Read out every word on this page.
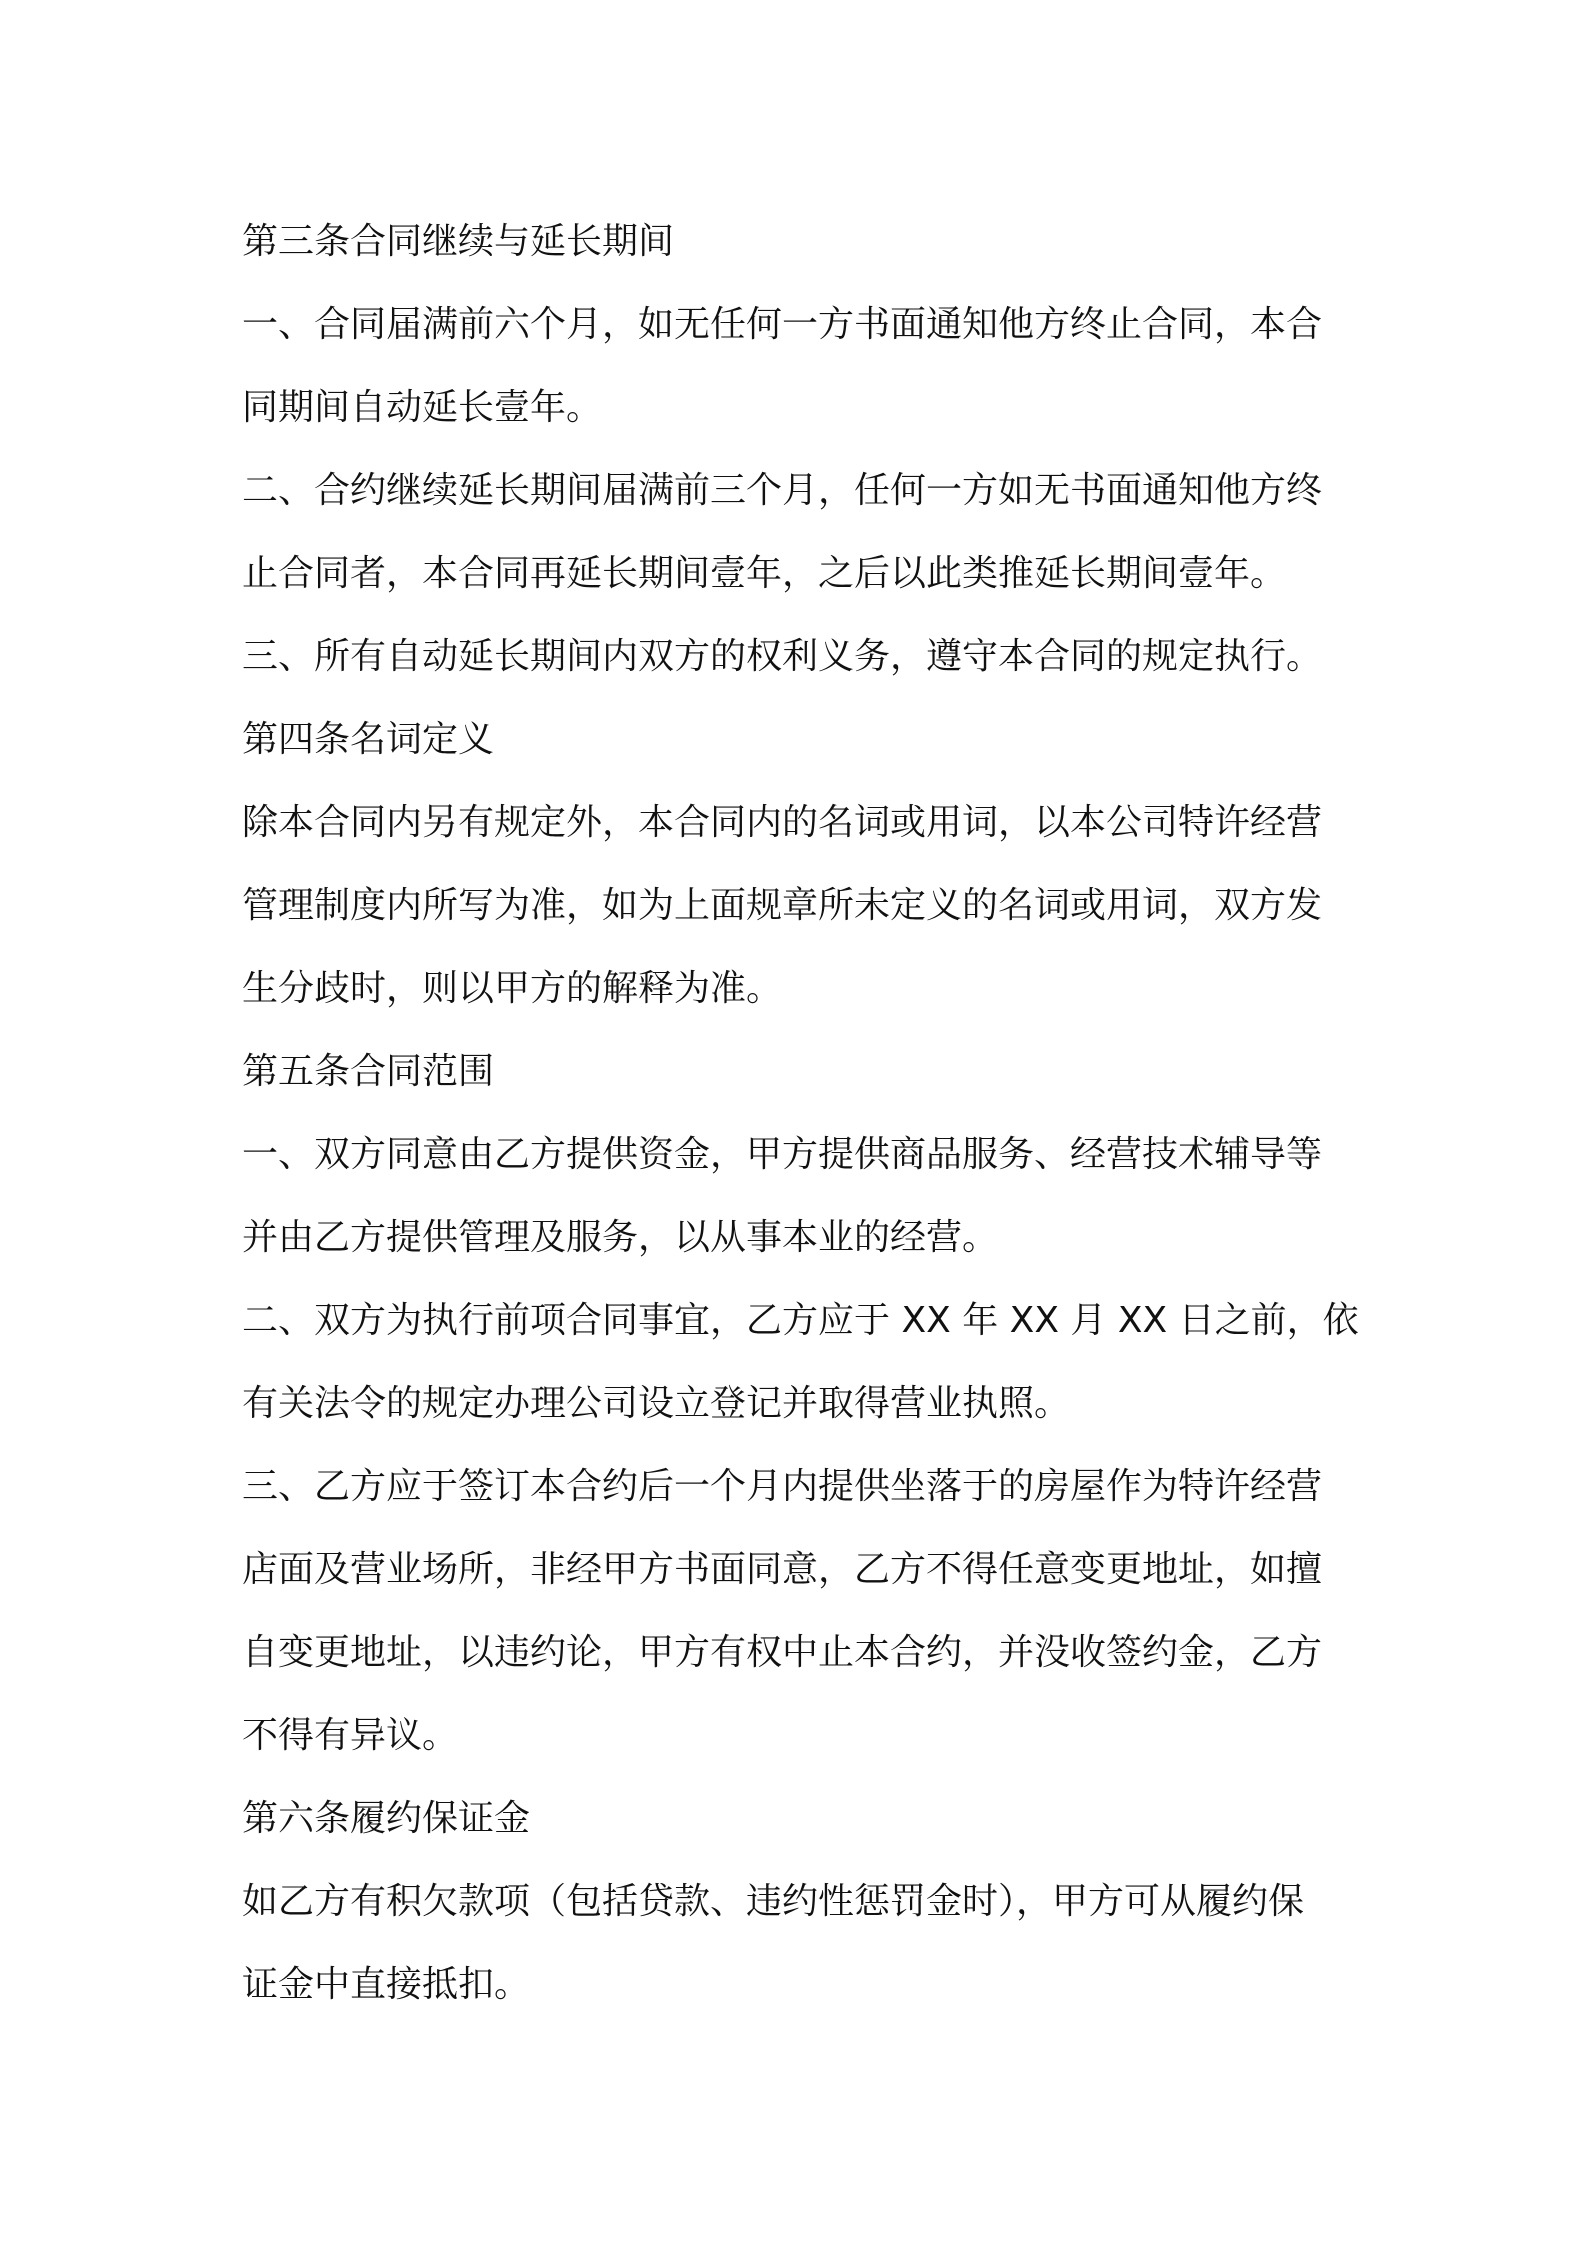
第三条合同继续与延长期间
一、合同届满前六个月，如无任何一方书面通知他方终止合同，本合
同期间自动延长壹年。
二、合约继续延长期间届满前三个月，任何一方如无书面通知他方终
止合同者，本合同再延长期间壹年，之后以此类推延长期间壹年。
三、所有自动延长期间内双方的权利义务，遵守本合同的规定执行。
第四条名词定义
除本合同内另有规定外，本合同内的名词或用词，以本公司特许经营
管理制度内所写为准，如为上面规章所未定义的名词或用词，双方发
生分歧时，则以甲方的解释为准。
第五条合同范围
一、双方同意由乙方提供资金，甲方提供商品服务、经营技术辅导等
并由乙方提供管理及服务，以从事本业的经营。
二、双方为执行前项合同事宜，乙方应于 XX 年 XX 月 XX 日之前，依
有关法令的规定办理公司设立登记并取得营业执照。
三、乙方应于签订本合约后一个月内提供坐落于的房屋作为特许经营
店面及营业场所，非经甲方书面同意，乙方不得任意变更地址，如擅
自变更地址，以违约论，甲方有权中止本合约，并没收签约金，乙方
不得有异议。
第六条履约保证金
如乙方有积欠款项（包括贷款、违约性惩罚金时），甲方可从履约保
证金中直接抵扣。
